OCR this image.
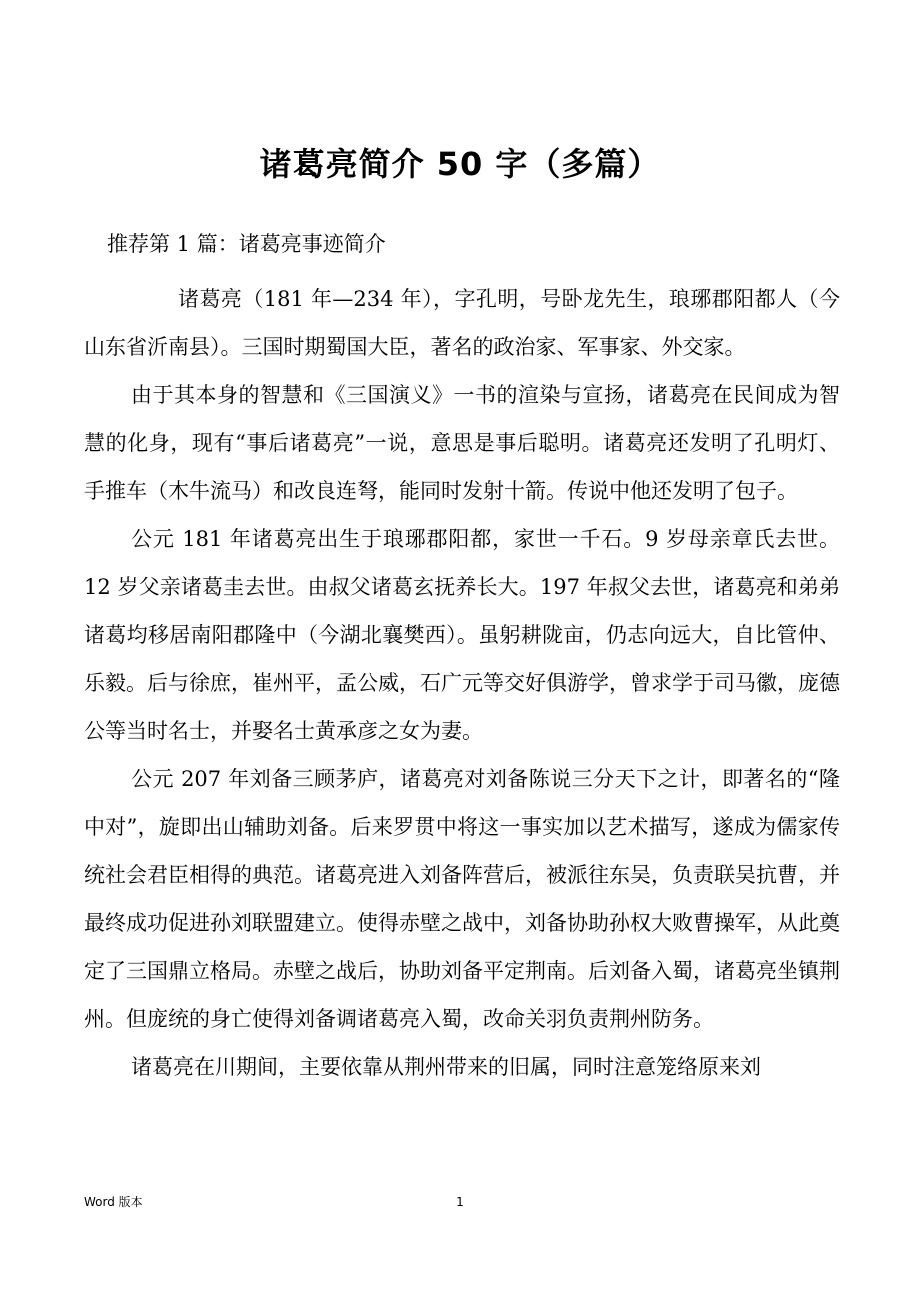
诸葛亮简介 50 字（多篇）
推荐第 1 篇：诸葛亮事迹简介

诸葛亮（181 年—234 年），字孔明，号卧龙先生，琅琊郡阳都人（今山东省沂南县）。三国时期蜀国大臣，著名的政治家、军事家、外交家。

由于其本身的智慧和《三国演义》一书的渲染与宣扬，诸葛亮在民间成为智慧的化身，现有“事后诸葛亮”一说，意思是事后聪明。诸葛亮还发明了孔明灯、手推车（木牛流马）和改良连弩，能同时发射十箭。传说中他还发明了包子。

公元 181 年诸葛亮出生于琅琊郡阳都，家世一千石。9 岁母亲章氏去世。12 岁父亲诸葛圭去世。由叔父诸葛玄抚养长大。197 年叔父去世，诸葛亮和弟弟诸葛均移居南阳郡隆中（今湖北襄樊西）。虽躬耕陇亩，仍志向远大，自比管仲、乐毅。后与徐庶，崔州平，孟公威，石广元等交好俱游学，曾求学于司马徽，庞德公等当时名士，并娶名士黄承彦之女为妻。

公元 207 年刘备三顾茅庐，诸葛亮对刘备陈说三分天下之计，即著名的“隆中对”，旋即出山辅助刘备。后来罗贯中将这一事实加以艺术描写，遂成为儒家传统社会君臣相得的典范。诸葛亮进入刘备阵营后，被派往东吴，负责联吴抗曹，并最终成功促进孙刘联盟建立。使得赤壁之战中，刘备协助孙权大败曹操军，从此奠定了三国鼎立格局。赤壁之战后，协助刘备平定荆南。后刘备入蜀，诸葛亮坐镇荆州。但庞统的身亡使得刘备调诸葛亮入蜀，改命关羽负责荆州防务。

诸葛亮在川期间，主要依靠从荆州带来的旧属，同时注意笼络原来刘

Word 版本	1
